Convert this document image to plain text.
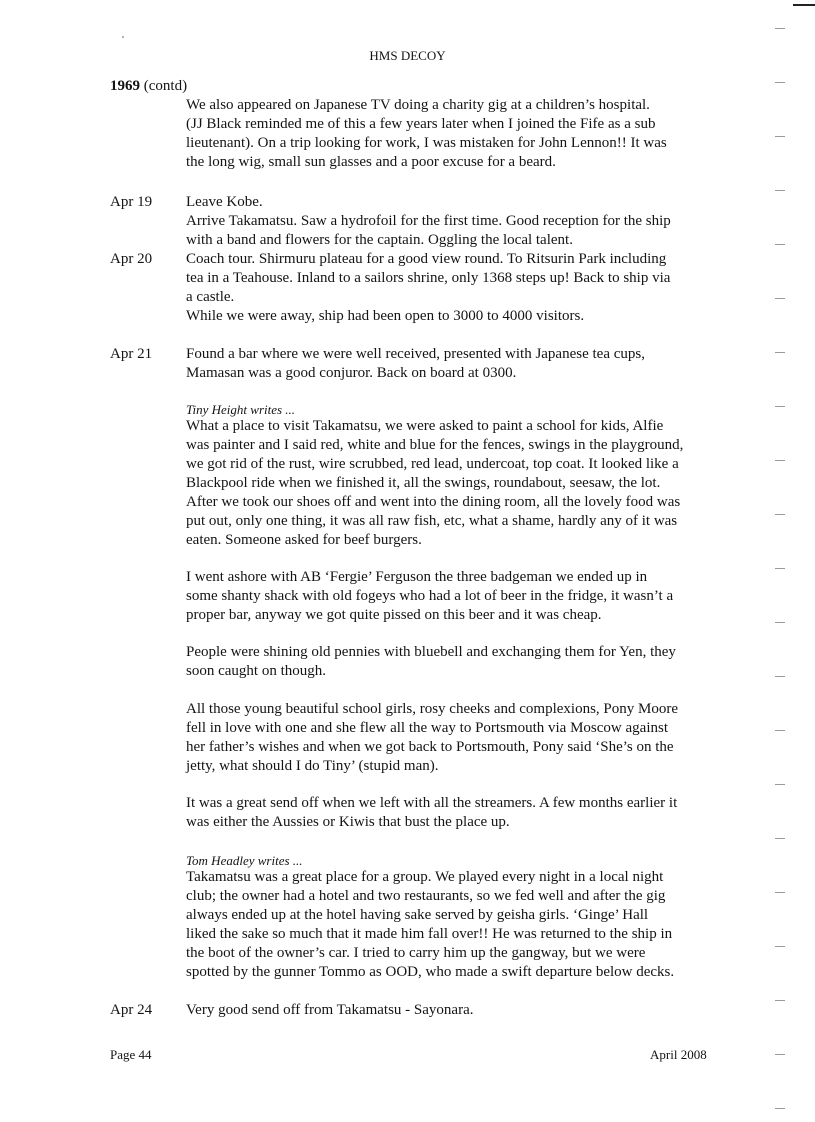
HMS DECOY
1969 (contd)

We also appeared on Japanese TV doing a charity gig at a children’s hospital.

(JJ Black reminded me of this a few years later when I joined the Fife as a sub

lieutenant). On a trip looking for work, I was mistaken for John Lennon!! It was

the long wig, small sun glasses and a poor excuse for a beard.

Apr 19 Leave Kobe.

Arrive Takamatsu. Saw a hydrofoil for the first time. Good reception for the ship

with a band and flowers for the captain. Oggling the local talent.

Apr 20 Coach tour. Shirmuru plateau for a good view round. To Ritsurin Park including

tea in a Teahouse. Inland to a sailors shrine, only 1368 steps up! Back to ship via

a castle.

While we were away, ship had been open to 3000 to 4000 visitors.

Apr 21 Found a bar where we were well received, presented with Japanese tea cups,

Mamasan was a good conjuror. Back on board at 0300.

Tiny Height writes ...

What a place to visit Takamatsu, we were asked to paint a school for kids, Alfie

was painter and I said red, white and blue for the fences, swings in the playground,

we got rid of the rust, wire scrubbed, red lead, undercoat, top coat. It looked like a

Blackpool ride when we finished it, all the swings, roundabout, seesaw, the lot.

After we took our shoes off and went into the dining room, all the lovely food was

put out, only one thing, it was all raw fish, etc, what a shame, hardly any of it was

eaten. Someone asked for beef burgers.

I went ashore with AB ‘Fergie’ Ferguson the three badgeman we ended up in

some shanty shack with old fogeys who had a lot of beer in the fridge, it wasn’t a

proper bar, anyway we got quite pissed on this beer and it was cheap.

People were shining old pennies with bluebell and exchanging them for Yen, they

soon caught on though.

All those young beautiful school girls, rosy cheeks and complexions, Pony Moore

fell in love with one and she flew all the way to Portsmouth via Moscow against

her father’s wishes and when we got back to Portsmouth, Pony said ‘She’s on the

jetty, what should I do Tiny’ (stupid man).

It was a great send off when we left with all the streamers. A few months earlier it

was either the Aussies or Kiwis that bust the place up.

Tom Headley writes ...

Takamatsu was a great place for a group. We played every night in a local night

club; the owner had a hotel and two restaurants, so we fed well and after the gig

always ended up at the hotel having sake served by geisha girls. ‘Ginge’ Hall

liked the sake so much that it made him fall over!! He was returned to the ship in

the boot of the owner’s car. I tried to carry him up the gangway, but we were

spotted by the gunner Tommo as OOD, who made a swift departure below decks.

Apr 24 Very good send off from Takamatsu - Sayonara.

Page 44	April 2008
